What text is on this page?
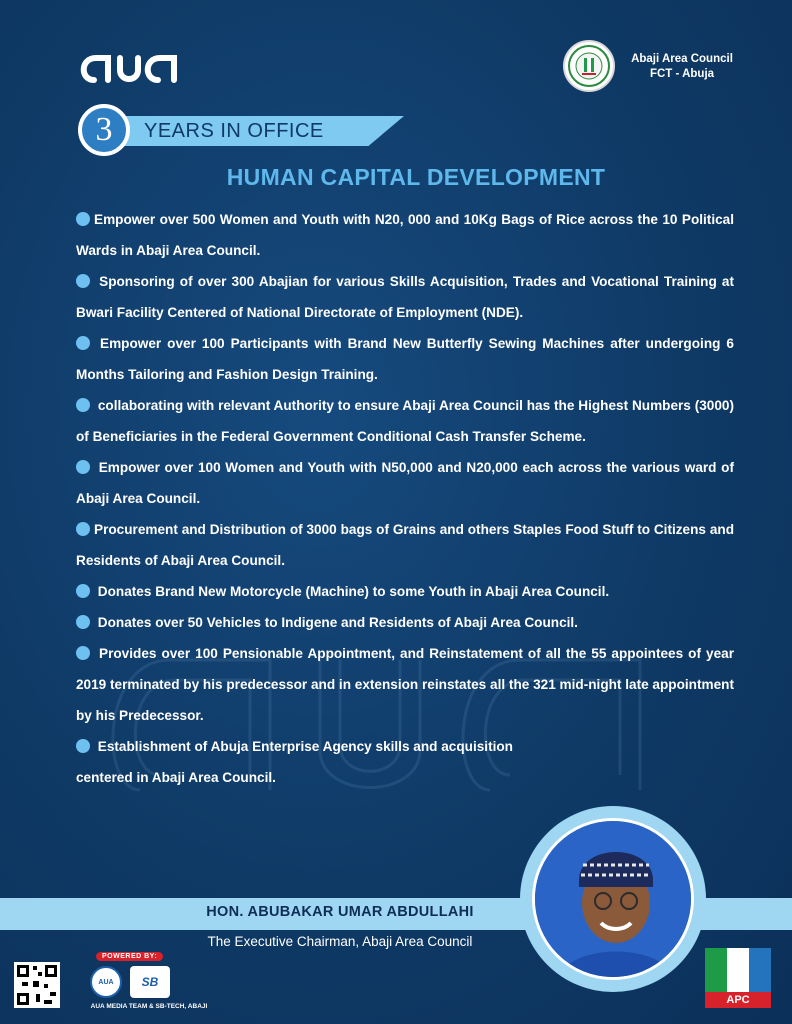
Abaji Area Council
FCT - Abuja
3	YEARS IN OFFICE
HUMAN CAPITAL DEVELOPMENT
Empower over 500 Women and Youth with N20, 000 and 10Kg Bags of Rice across the 10 Political Wards in Abaji Area Council.
Sponsoring of over 300 Abajian for various Skills Acquisition, Trades and Vocational Training at Bwari Facility Centered of National Directorate of Employment (NDE).
Empower over 100 Participants with Brand New Butterfly Sewing Machines after undergoing 6 Months Tailoring and Fashion Design Training.
collaborating with relevant Authority to ensure Abaji Area Council has the Highest Numbers (3000) of Beneficiaries in the Federal Government Conditional Cash Transfer Scheme.
Empower over 100 Women and Youth with N50,000 and N20,000 each across the various ward of Abaji Area Council.
Procurement and Distribution of 3000 bags of Grains and others Staples Food Stuff to Citizens and Residents of Abaji Area Council.
Donates Brand New Motorcycle (Machine) to some Youth in Abaji Area Council.
Donates over 50 Vehicles to Indigene and Residents of Abaji Area Council.
Provides over 100 Pensionable Appointment, and Reinstatement of all the 55 appointees of year 2019 terminated by his predecessor and in extension reinstates all the 321 mid-night late appointment by his Predecessor.
Establishment of Abuja Enterprise Agency skills and acquisition centered in Abaji Area Council.
HON. ABUBAKAR UMAR ABDULLAHI
The Executive Chairman, Abaji Area Council
POWERED BY:
AUA	SB
AUA MEDIA TEAM & SB-TECH, ABAJI
APC
